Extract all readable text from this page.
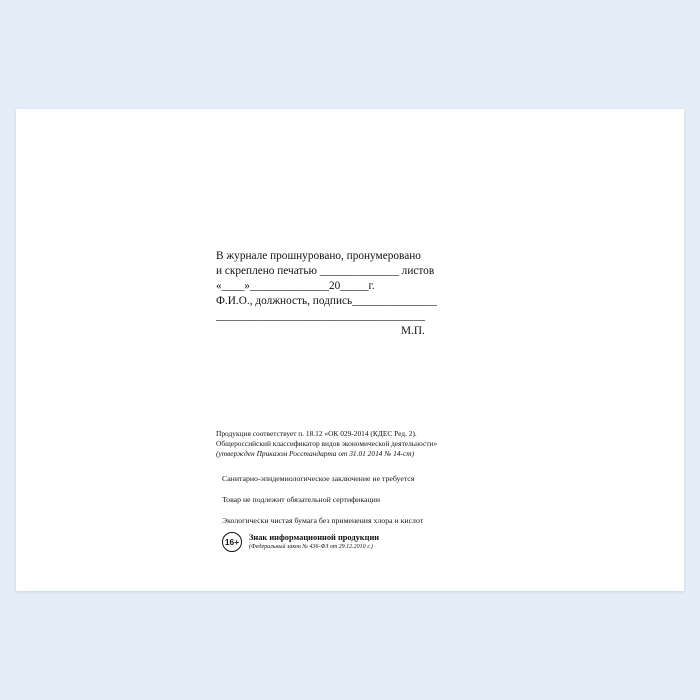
В журнале прошнуровано, пронумеровано
и скреплено печатью ______________ листов
«____»______________20_____г.
Ф.И.О., должность, подпись_______________
_____________________________________
М.П.
Продукция соответствует п. 18.12 «ОК 029-2014 (КДЕС Ред. 2).
Общероссийский классификатор видов экономической деятельности»
(утвержден Приказом Росстандарта от 31.01 2014 № 14-ст)
Санитарно-эпидемиологическое заключение не требуется
Товар не подлежит обязательной сертификации
Экологически чистая бумага без применения хлора и кислот
16+	Знак информационной продукции
(Федеральный закон № 436-ФЗ от 29.12.2010 г.)
